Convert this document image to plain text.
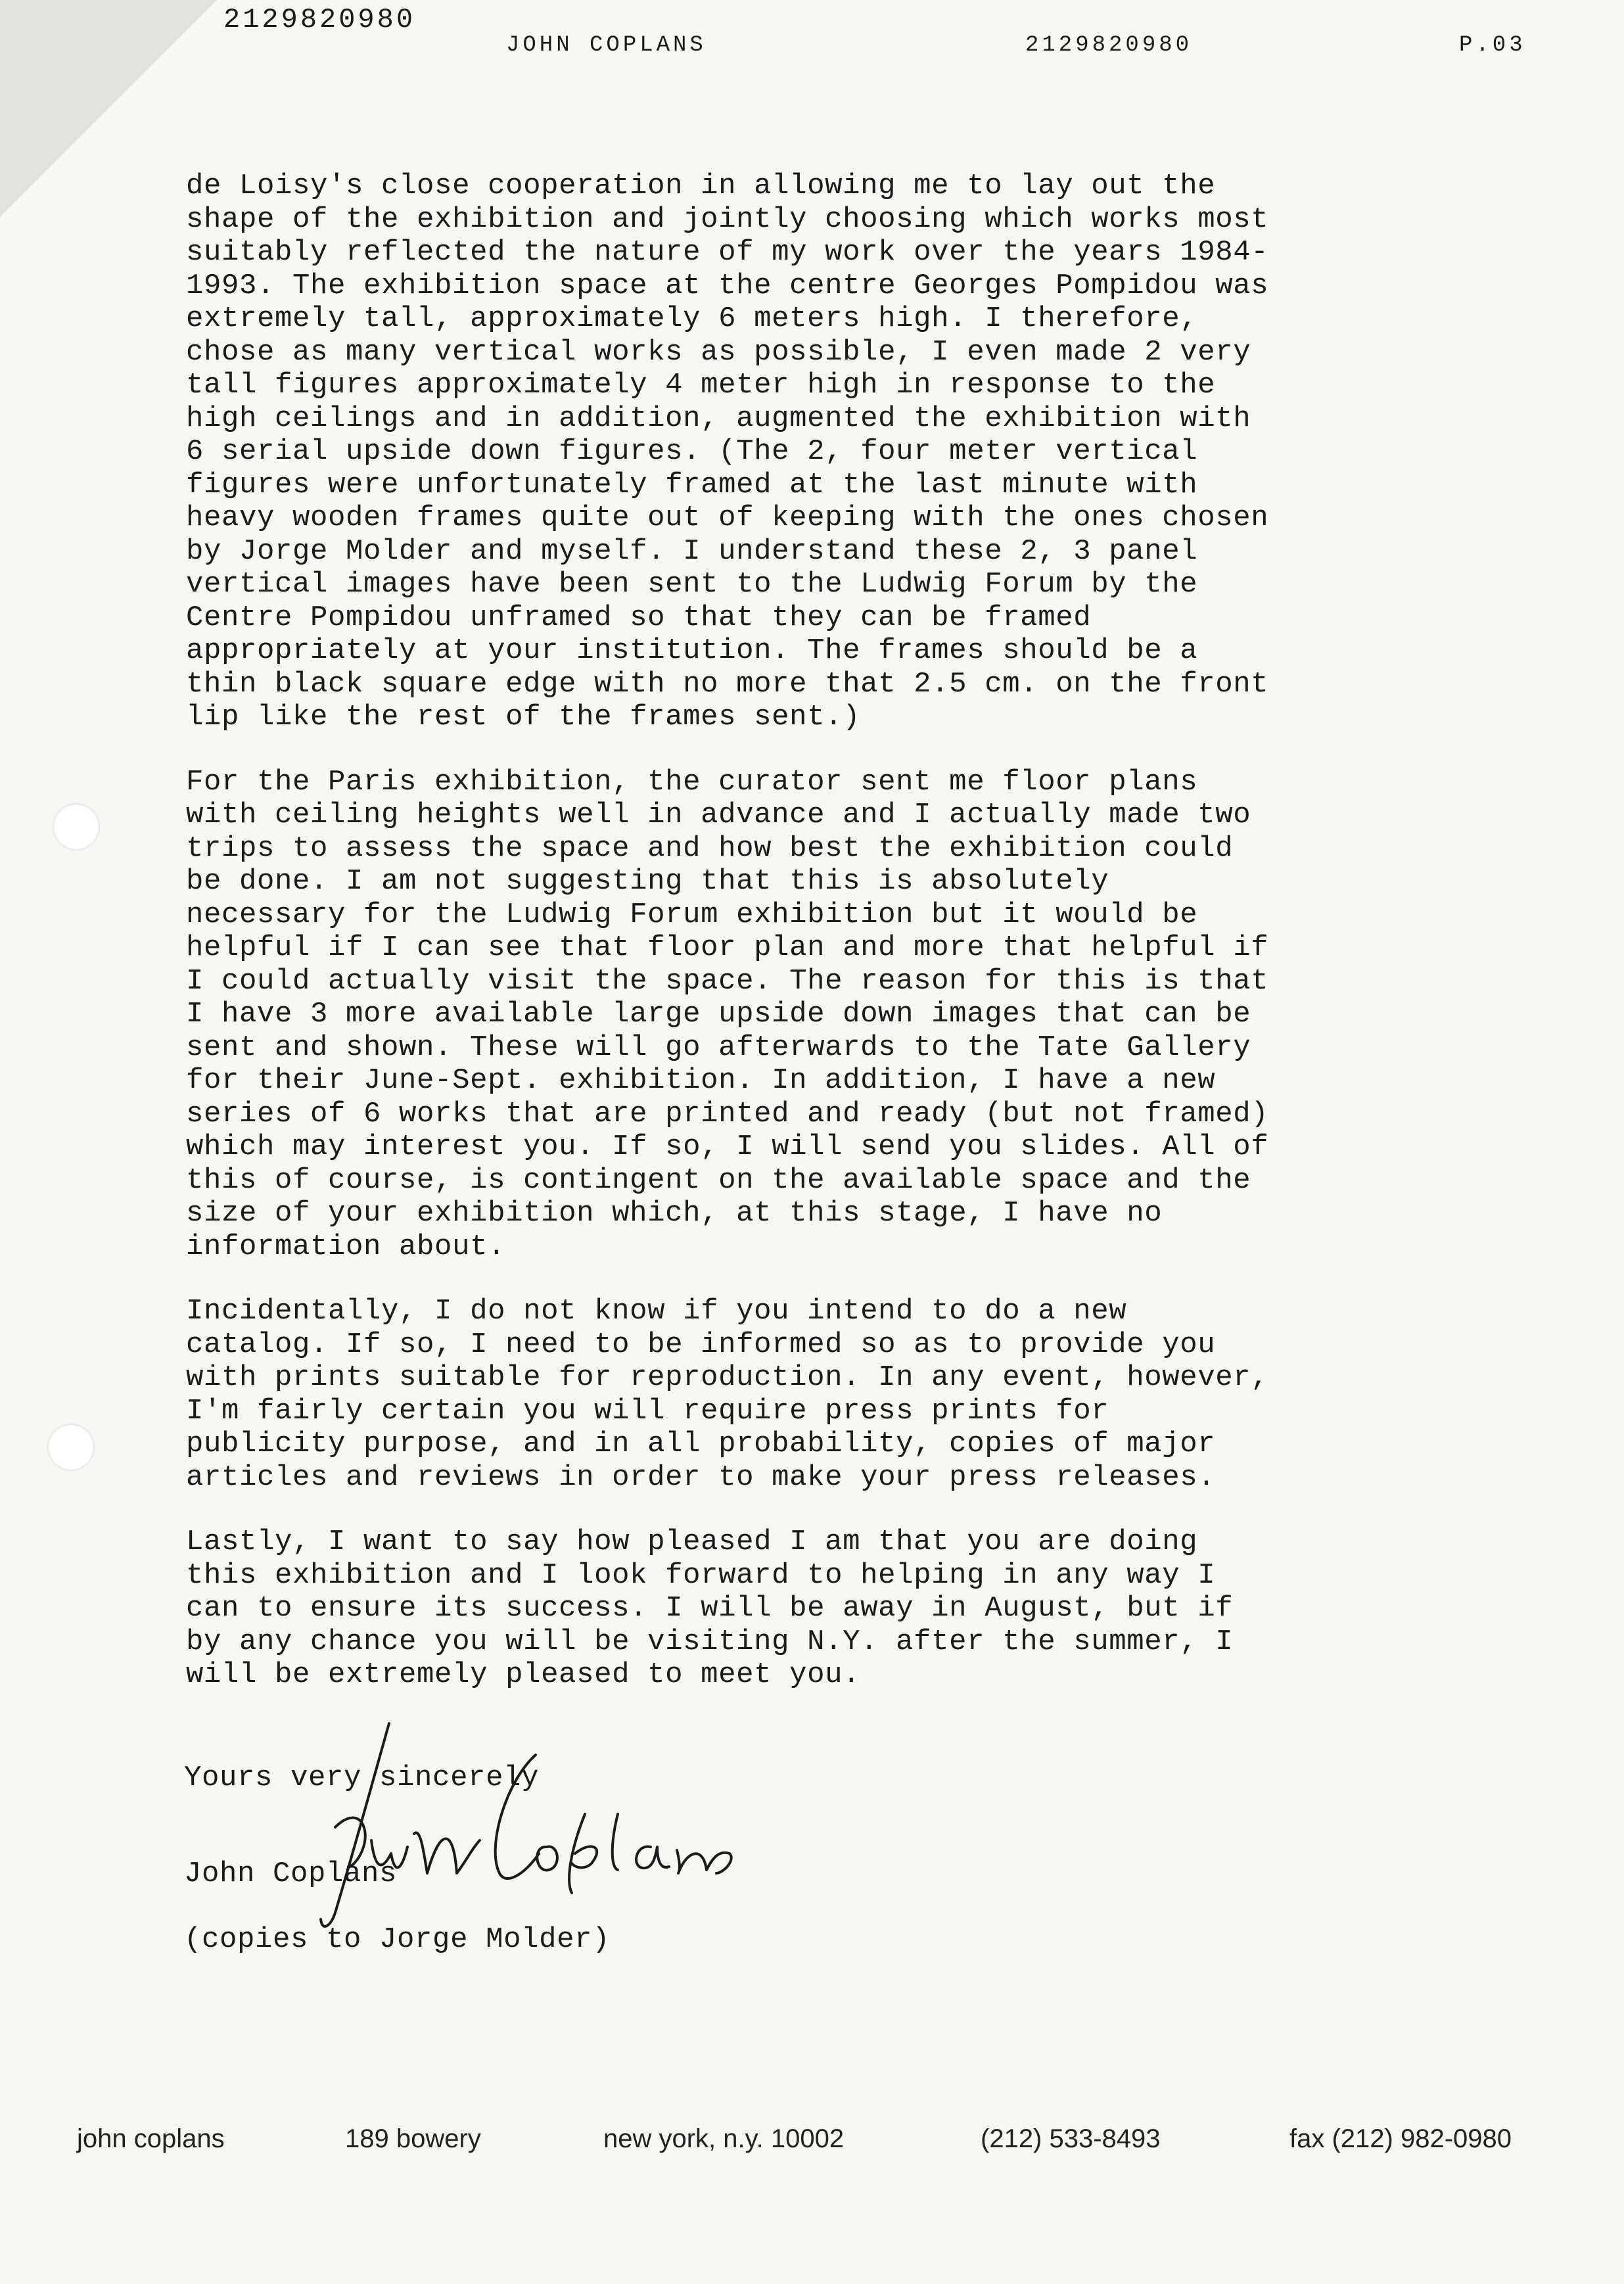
2129820980
JOHN COPLANS	2129820980	P.03

de Loisy's close cooperation in allowing me to lay out the
shape of the exhibition and jointly choosing which works most
suitably reflected the nature of my work over the years 1984-
1993. The exhibition space at the centre Georges Pompidou was
extremely tall, approximately 6 meters high. I therefore,
chose as many vertical works as possible, I even made 2 very
tall figures approximately 4 meter high in response to the
high ceilings and in addition, augmented the exhibition with
6 serial upside down figures. (The 2, four meter vertical
figures were unfortunately framed at the last minute with
heavy wooden frames quite out of keeping with the ones chosen
by Jorge Molder and myself. I understand these 2, 3 panel
vertical images have been sent to the Ludwig Forum by the
Centre Pompidou unframed so that they can be framed
appropriately at your institution. The frames should be a
thin black square edge with no more that 2.5 cm. on the front
lip like the rest of the frames sent.)

For the Paris exhibition, the curator sent me floor plans
with ceiling heights well in advance and I actually made two
trips to assess the space and how best the exhibition could
be done. I am not suggesting that this is absolutely
necessary for the Ludwig Forum exhibition but it would be
helpful if I can see that floor plan and more that helpful if
I could actually visit the space. The reason for this is that
I have 3 more available large upside down images that can be
sent and shown. These will go afterwards to the Tate Gallery
for their June-Sept. exhibition. In addition, I have a new
series of 6 works that are printed and ready (but not framed)
which may interest you. If so, I will send you slides. All of
this of course, is contingent on the available space and the
size of your exhibition which, at this stage, I have no
information about.

Incidentally, I do not know if you intend to do a new
catalog. If so, I need to be informed so as to provide you
with prints suitable for reproduction. In any event, however,
I'm fairly certain you will require press prints for
publicity purpose, and in all probability, copies of major
articles and reviews in order to make your press releases.

Lastly, I want to say how pleased I am that you are doing
this exhibition and I look forward to helping in any way I
can to ensure its success. I will be away in August, but if
by any chance you will be visiting N.Y. after the summer, I
will be extremely pleased to meet you.

Yours very sincerely

John Coplans

(copies to Jorge Molder)

john coplans	189 bowery	new york, n.y. 10002	(212) 533-8493	fax (212) 982-0980
